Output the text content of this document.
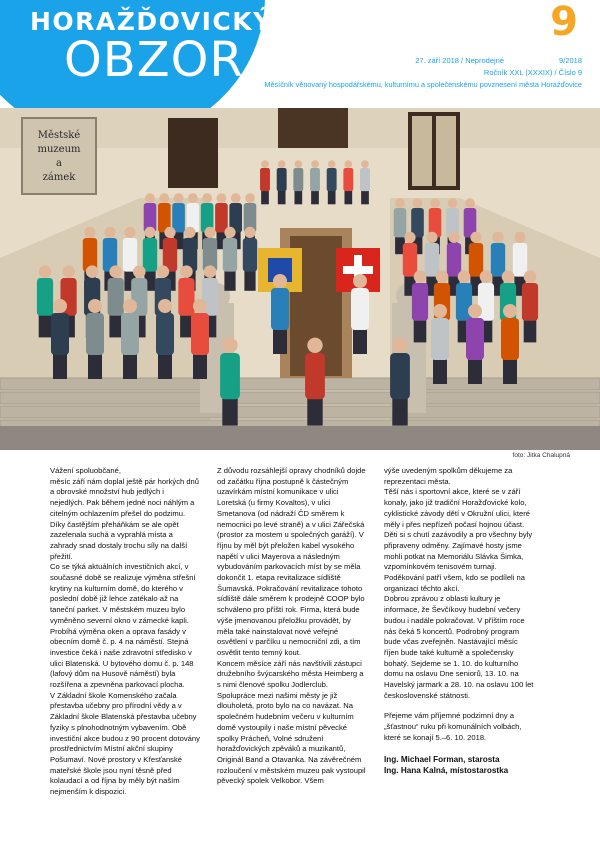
HORAŽĎOVICKÝ
OBZOR
9
27. září 2018 / Neprodejné	9/2018
Ročník XXL (XXXIX) / Číslo 9
Měsíčník věnovaný hospodářskému, kulturnímu a společenskému povznesení města Horažďovice
Městské
muzeum
a
zámek
foto: Jitka Chalupná

Vážení spoluobčané,

měsíc září nám doplal ještě pár horkých dnů a obrovské množství hub jedlých i nejedlých. Pak během jedné noci náhlým a citelným ochlazením přešel do podzimu. Díky častějším přeháňkám se ale opět zazelenala suchá a vyprahlá místa a zahrady snad dostaly trochu síly na další přežití.

Co se týká aktuálních investičních akcí, v současné době se realizuje výměna střešní krytiny na kulturním domě, do kterého v poslední době již lehce zatékalo až na taneční parket. V městském muzeu bylo vyměněno severní okno v zámecké kapli. Probíhá výměna oken a oprava fasády v obecním domě č. p. 4 na náměstí. Stejná investice čeká i naše zdravotní středisko v ulici Blatenská. U bytového domu č. p. 148 (lafový dům na Husově náměstí) byla rozšířena a zpevněna parkovací plocha.

V Základní škole Komenského začala přestavba učebny pro přírodní vědy a v Základní škole Blatenská přestavba učebny fyziky s plnohodnotným vybavením. Obě investiční akce budou z 90 procent dotovány prostřednictvím Místní akční skupiny Pošumaví. Nové prostory v Křesťanské mateřské škole jsou nyní těsně před kolaudací a od října by měly být naším nejmenším k dispozici.

Z důvodu rozsáhlejší opravy chodníků dojde od začátku října postupně k částečným uzavírkám místní komunikace v ulici Loretská (u firmy Kovaltos), v ulici Smetanova (od nádraží ČD směrem k nemocnici po levé straně) a v ulici Zářečská (prostor za mostem u společných garáží). V říjnu by měl být přeložen kabel vysokého napětí v ulici Mayerova a následným vybudováním parkovacích míst by se měla dokončit 1. etapa revitalizace sídliště Šumavská. Pokračování revitalizace tohoto sídliště dále směrem k prodejně COOP bylo schváleno pro příští rok. Firma, která bude výše jmenovanou přeložku provádět, by měla také nainstalovat nové veřejné osvětlení v parčíku u nemocniční zdi, a tím osvětlit tento temný kout.

Koncem měsíce září nás navštívili zástupci družebního švýcarského města Heimberg a s nimi členové spolku Jodlerclub. Spolupráce mezi našimi městy je již dlouholetá, proto bylo na co navázat. Na společném hudebním večeru v kulturním domě vystoupily i naše místní pěvecké spolky Prácheň, Volné sdružení horažďovických zpěváků a muzikantů, Originál Band a Otavanka. Na závěrečném rozloučení v městském muzeu pak vystoupil pěvecký spolek Velkobor. Všem

výše uvedeným spolkům děkujeme za reprezentaci města.

Těší nás i sportovní akce, které se v září konaly, jako již tradiční Horažďovické kolo, cyklistické závody dětí v Okružní ulici, které měly i přes nepřízeň počasí hojnou účast. Děti si s chutí zazávodily a pro všechny byly připraveny odměny. Zajímavé hosty jsme mohli potkat na Memoriálu Slávka Šimka, vzpomínkovém tenisovém turnaji. Poděkování patří všem, kdo se podíleli na organizaci těchto akcí.

Dobrou zprávou z oblasti kultury je informace, že Ševčíkovy hudební večery budou i nadále pokračovat. V příštím roce nás čeká 5 koncertů. Podrobný program bude včas zveřejněn. Nastávající měsíc říjen bude také kulturně a společensky bohatý. Sejdeme se 1. 10. do kulturního domu na oslavu Dne seniorů, 13. 10. na Havelský jarmark a 28. 10. na oslavu 100 let československé státnosti.

Přejeme vám příjemné podzimní dny a „šťastnou“ ruku při komunálních volbách, které se konají 5.–6. 10. 2018.

Ing. Michael Forman, starosta

Ing. Hana Kalná, místostarostka
